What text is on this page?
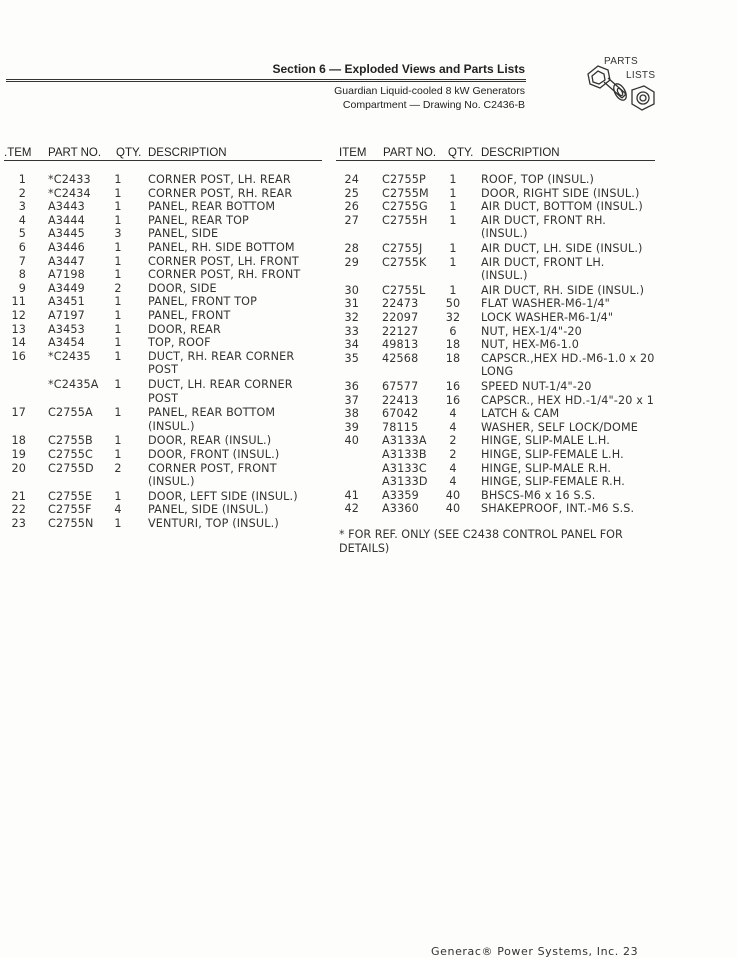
Section 6 — Exploded Views and Parts Lists
Guardian Liquid-cooled 8 kW Generators
Compartment — Drawing No. C2436-B
PARTS
LISTS
.TEM PART NO. QTY. DESCRIPTION	ITEM PART NO. QTY. DESCRIPTION
1 *C2433	1	CORNER POST, LH. REAR
2 *C2434	1	CORNER POST, RH. REAR
3 A3443	1	PANEL, REAR BOTTOM
4 A3444	1	PANEL, REAR TOP
5 A3445	3	PANEL, SIDE
6 A3446	1	PANEL, RH. SIDE BOTTOM
7 A3447	1	CORNER POST, LH. FRONT
8 A7198	1	CORNER POST, RH. FRONT
9 A3449	2	DOOR, SIDE
11 A3451	1	PANEL, FRONT TOP
12 A7197	1	PANEL, FRONT
13 A3453	1	DOOR, REAR
14 A3454	1	TOP, ROOF
16 *C2435	1	DUCT, RH. REAR CORNER
POST
*C2435A	1	DUCT, LH. REAR CORNER
POST
17 C2755A	1	PANEL, REAR BOTTOM
(INSUL.)
18 C2755B	1	DOOR, REAR (INSUL.)
19 C2755C	1	DOOR, FRONT (INSUL.)
20 C2755D	2	CORNER POST, FRONT
(INSUL.)
21 C2755E	1	DOOR, LEFT SIDE (INSUL.)
22 C2755F	4	PANEL, SIDE (INSUL.)
23 C2755N	1	VENTURI, TOP (INSUL.)
24 C2755P	1	ROOF, TOP (INSUL.)
25 C2755M	1	DOOR, RIGHT SIDE (INSUL.)
26 C2755G	1	AIR DUCT, BOTTOM (INSUL.)
27 C2755H	1	AIR DUCT, FRONT RH.
(INSUL.)
28 C2755J	1	AIR DUCT, LH. SIDE (INSUL.)
29 C2755K	1	AIR DUCT, FRONT LH.
(INSUL.)
30 C2755L	1	AIR DUCT, RH. SIDE (INSUL.)
31 22473 50 FLAT WASHER-M6-1/4"
32 22097 32 LOCK WASHER-M6-1/4"
33 22127	6	NUT, HEX-1/4"-20
34 49813 18 NUT, HEX-M6-1.0
35 42568 18 CAPSCR.,HEX HD.-M6-1.0 x 20
LONG
36 67577 16 SPEED NUT-1/4"-20
37 22413 16 CAPSCR., HEX HD.-1/4"-20 x 1
38 67042	4	LATCH & CAM
39 78115	4	WASHER, SELF LOCK/DOME
40 A3133A	2	HINGE, SLIP-MALE L.H.
A3133B	2	HINGE, SLIP-FEMALE L.H.
A3133C	4	HINGE, SLIP-MALE R.H.
A3133D	4	HINGE, SLIP-FEMALE R.H.
41 A3359 40 BHSCS-M6 x 16 S.S.
42 A3360 40 SHAKEPROOF, INT.-M6 S.S.
* FOR REF. ONLY (SEE C2438 CONTROL PANEL FOR DETAILS)
Generac® Power Systems, Inc. 23
